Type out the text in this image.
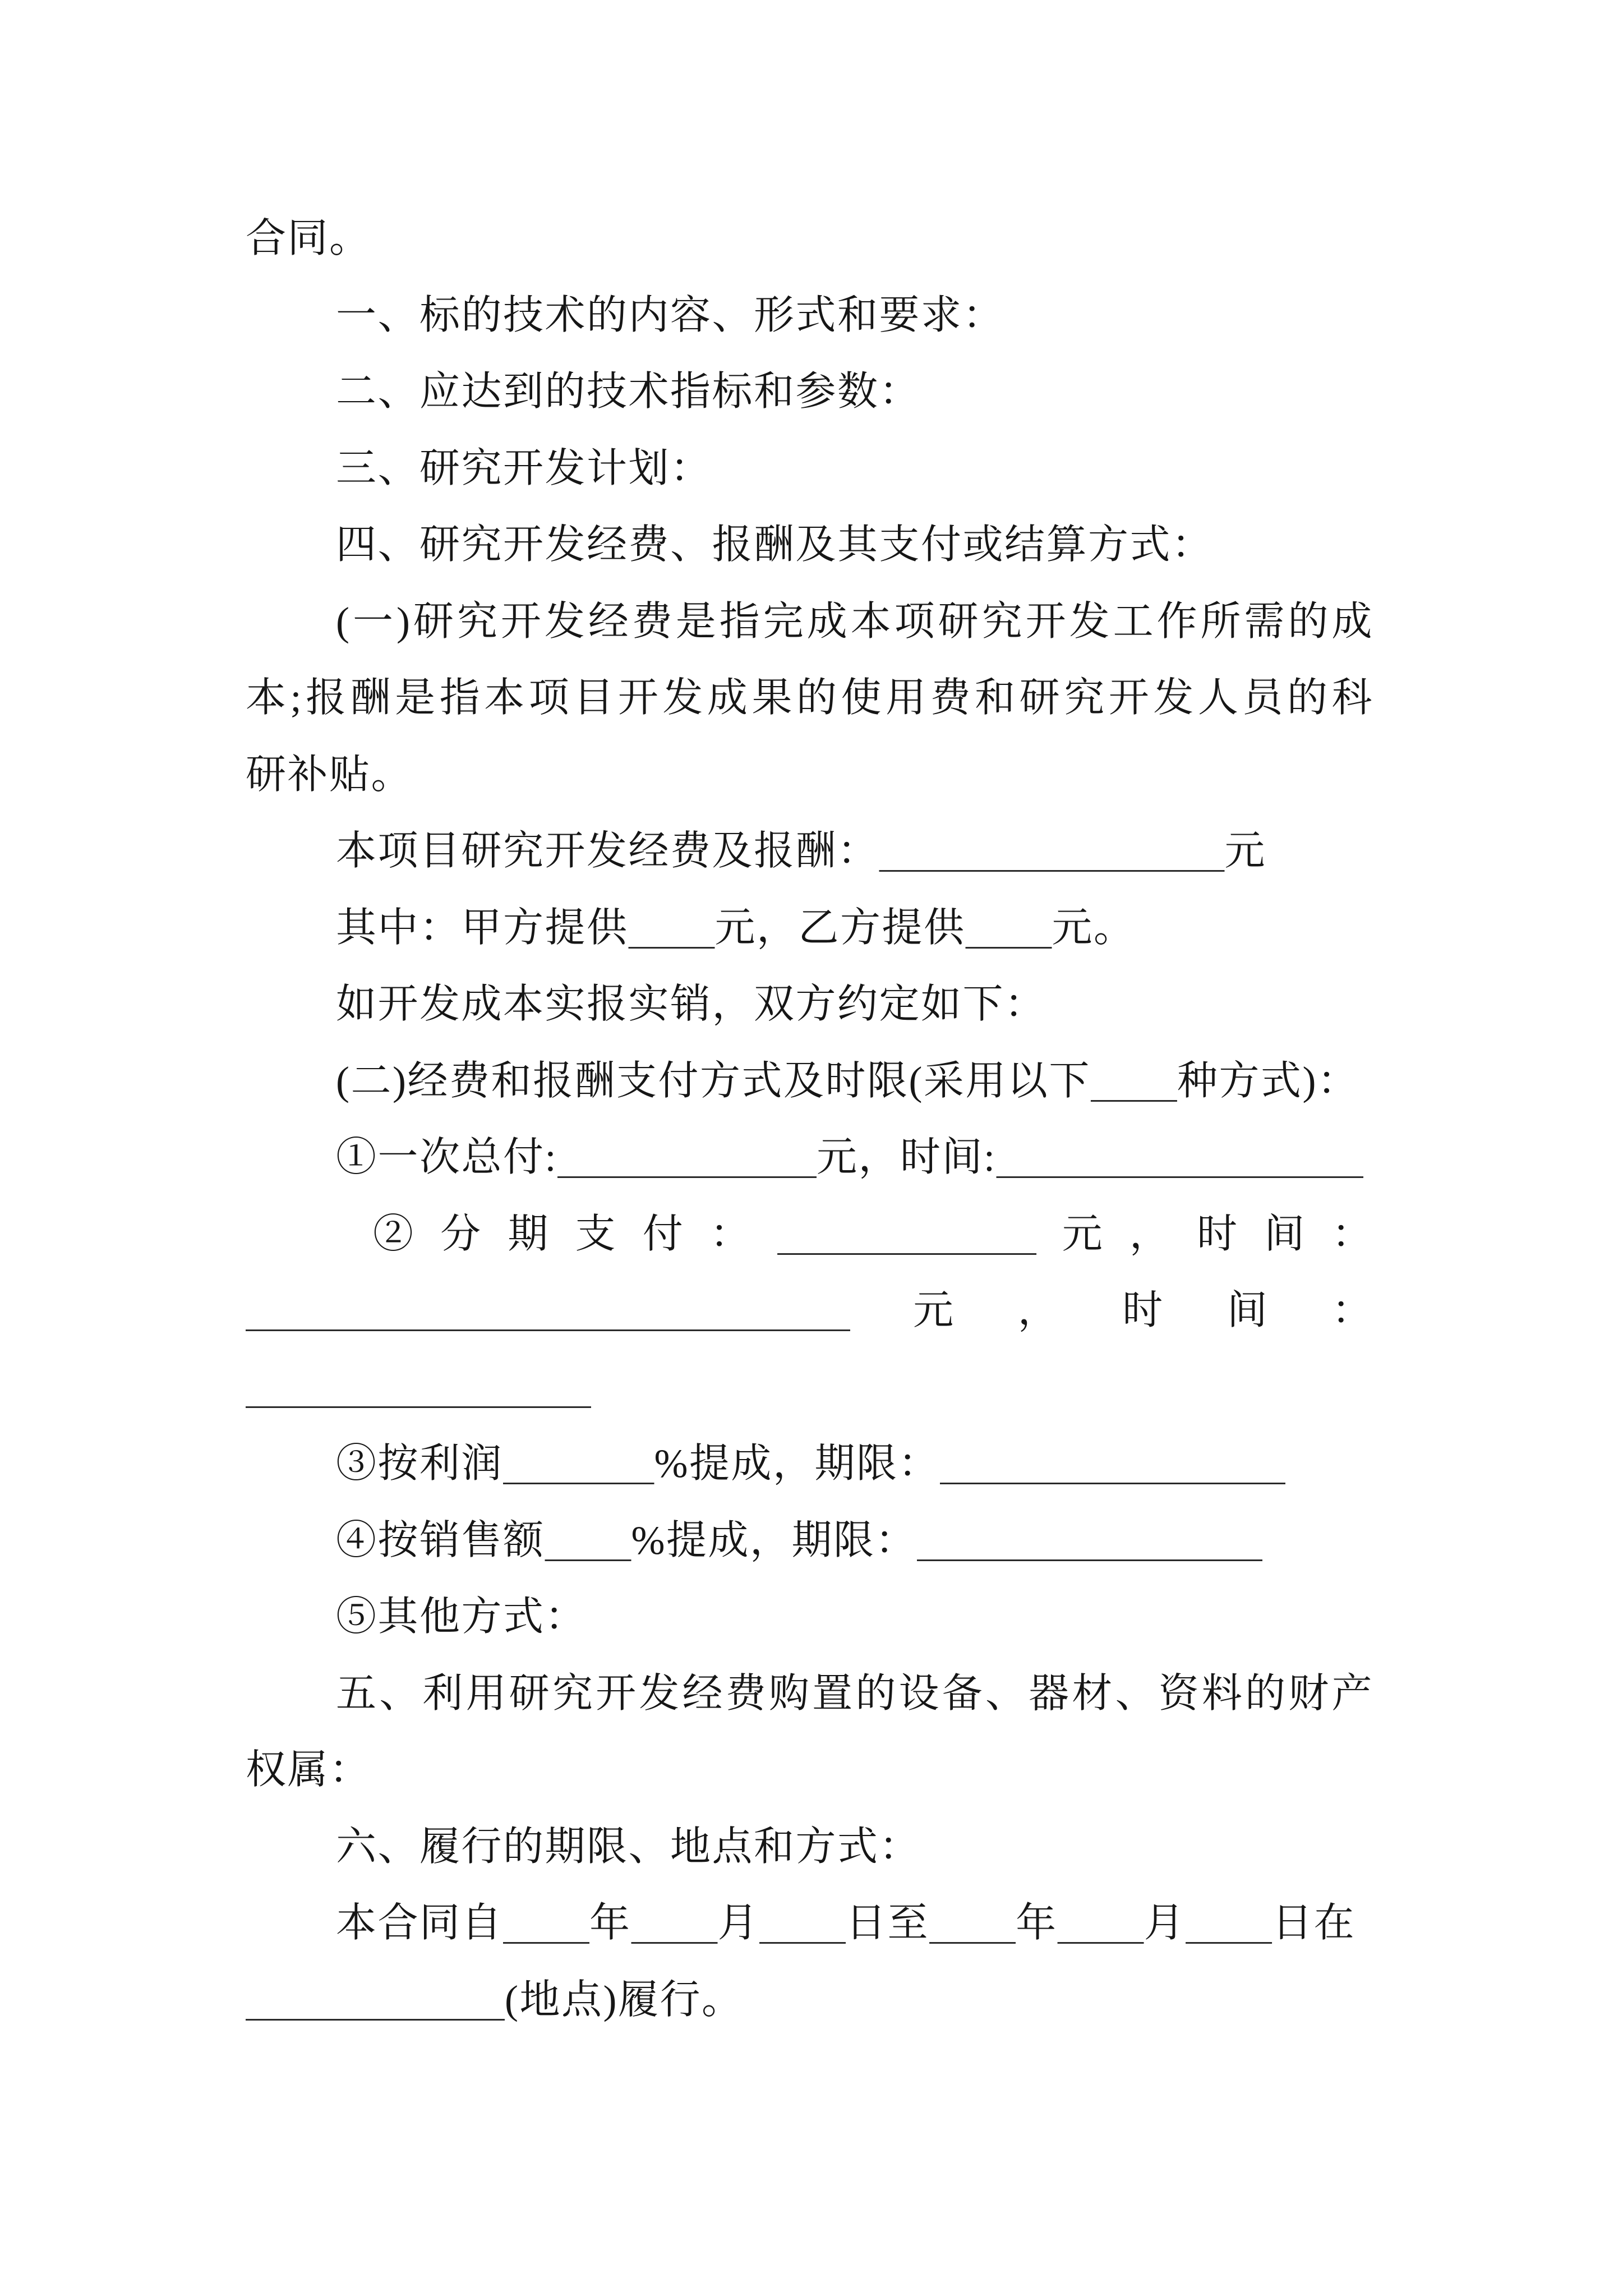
合同。
一、标的技术的内容、形式和要求：
二、应达到的技术指标和参数：
三、研究开发计划：
四、研究开发经费、报酬及其支付或结算方式：
(一)研究开发经费是指完成本项研究开发工作所需的成
本;报酬是指本项目开发成果的使用费和研究开发人员的科
研补贴。
本项目研究开发经费及报酬：	元
其中：甲方提供 元，乙方提供 元。
如开发成本实报实销，双方约定如下：
(二)经费和报酬支付方式及时限(采用以下 种方式)：
①一次总付:	元，时间:
②分期支付：	元，时间：
元，时间：
③按利润	%提成，期限：
④按销售额 %提成，期限：
⑤其他方式：
五、利用研究开发经费购置的设备、器材、资料的财产
权属：
六、履行的期限、地点和方式：
本合同自 年 月 日至 年 月 日在
(地点)履行。
